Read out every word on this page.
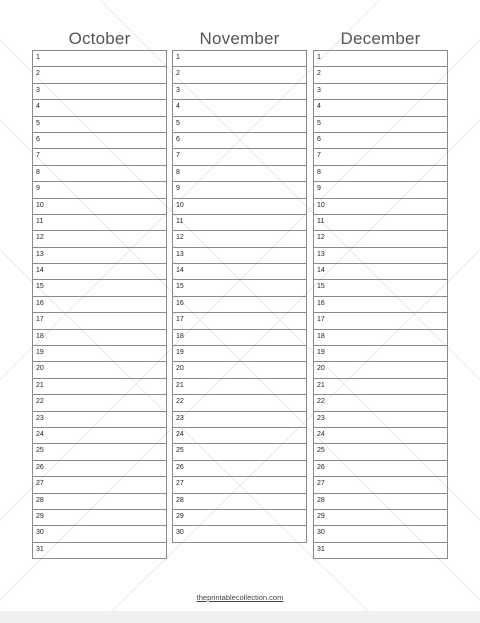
October
1
2
3
4
5
6
7
8
9
10
11
12
13
14
15
16
17
18
19
20
21
22
23
24
25
26
27
28
29
30
31
November
1
2
3
4
5
6
7
8
9
10
11
12
13
14
15
16
17
18
19
20
21
22
23
24
25
26
27
28
29
30
December
1
2
3
4
5
6
7
8
9
10
11
12
13
14
15
16
17
18
19
20
21
22
23
24
25
26
27
28
29
30
31
theprintablecollection.com
